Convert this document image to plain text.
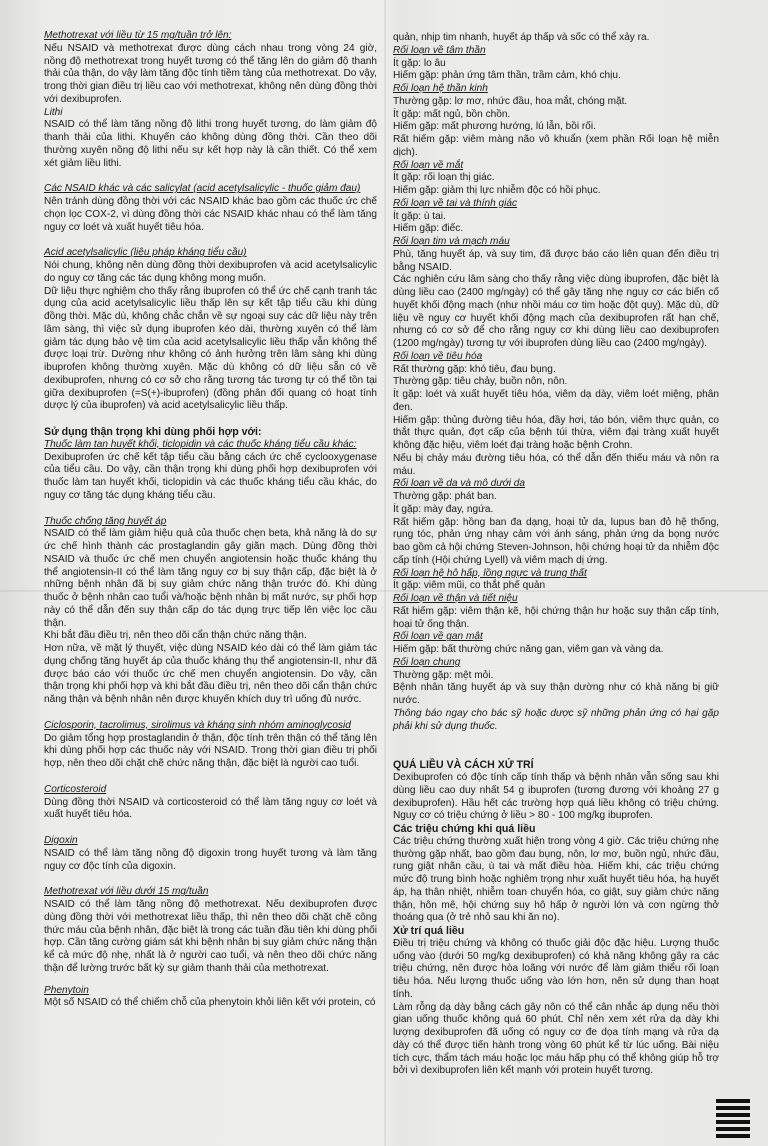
Methotrexat với liều từ 15 mg/tuần trở lên:

Nếu NSAID và methotrexat được dùng cách nhau trong vòng 24 giờ, nồng độ methotrexat trong huyết tương có thể tăng lên do giảm độ thanh thải của thận, do vậy làm tăng độc tính tiềm tàng của methotrexat. Do vậy, trong thời gian điều trị liều cao với methotrexat, không nên dùng đồng thời với dexibuprofen.

Lithi

NSAID có thể làm tăng nồng độ lithi trong huyết tương, do làm giảm độ thanh thải của lithi. Khuyến cáo không dùng đồng thời. Cần theo dõi thường xuyên nồng độ lithi nếu sự kết hợp này là cần thiết. Có thể xem xét giảm liều lithi.

Các NSAID khác và các salicylat (acid acetylsalicylic - thuốc giảm đau)

Nên tránh dùng đồng thời với các NSAID khác bao gồm các thuốc ức chế chọn lọc COX-2, vì dùng đồng thời các NSAID khác nhau có thể làm tăng nguy cơ loét và xuất huyết tiêu hóa.

Acid acetylsalicylic (liệu pháp kháng tiểu cầu)

Nói chung, không nên dùng đồng thời dexibuprofen và acid acetylsalicylic do nguy cơ tăng các tác dụng không mong muốn.

Dữ liệu thực nghiệm cho thấy rằng ibuprofen có thể ức chế cạnh tranh tác dụng của acid acetylsalicylic liều thấp lên sự kết tập tiểu cầu khi dùng đồng thời. Mặc dù, không chắc chắn về sự ngoại suy các dữ liệu này trên lâm sàng, thì việc sử dụng ibuprofen kéo dài, thường xuyên có thể làm giảm tác dụng bảo vệ tim của acid acetylsalicylic liều thấp vẫn không thể được loại trừ. Dường như không có ảnh hưởng trên lâm sàng khi dùng ibuprofen không thường xuyên. Mặc dù không có dữ liệu sẵn có về dexibuprofen, nhưng có cơ sở cho rằng tương tác tương tự có thể tồn tại giữa dexibuprofen (=S(+)-ibuprofen) (đồng phân đối quang có hoạt tính dược lý của ibuprofen) và acid acetylsalicylic liều thấp.

Sử dụng thận trọng khi dùng phối hợp với:

Thuốc làm tan huyết khối, ticlopidin và các thuốc kháng tiểu cầu khác:

Dexibuprofen ức chế kết tập tiểu cầu bằng cách ức chế cyclooxygenase của tiểu cầu. Do vậy, cần thận trọng khi dùng phối hợp dexibuprofen với thuốc làm tan huyết khối, ticlopidin và các thuốc kháng tiểu cầu khác, do nguy cơ tăng tác dụng kháng tiểu cầu.

Thuốc chống tăng huyết áp

NSAID có thể làm giảm hiệu quả của thuốc chẹn beta, khả năng là do sự ức chế hình thành các prostaglandin gây giãn mạch. Dùng đồng thời NSAID và thuốc ức chế men chuyển angiotensin hoặc thuốc kháng thụ thể angiotensin-II có thể làm tăng nguy cơ bị suy thận cấp, đặc biệt là ở những bệnh nhân đã bị suy giảm chức năng thận trước đó. Khi dùng thuốc ở bệnh nhân cao tuổi và/hoặc bệnh nhân bị mất nước, sự phối hợp này có thể dẫn đến suy thận cấp do tác dụng trực tiếp lên việc lọc cầu thận.

Khi bắt đầu điều trị, nên theo dõi cẩn thận chức năng thận.

Hơn nữa, về mặt lý thuyết, việc dùng NSAID kéo dài có thể làm giảm tác dụng chống tăng huyết áp của thuốc kháng thụ thể angiotensin-II, như đã được báo cáo với thuốc ức chế men chuyển angiotensin. Do vậy, cần thận trọng khi phối hợp và khi bắt đầu điều trị, nên theo dõi cẩn thận chức năng thận và bệnh nhân nên được khuyến khích duy trì uống đủ nước.

Ciclosporin, tacrolimus, sirolimus và kháng sinh nhóm aminoglycosid

Do giảm tổng hợp prostaglandin ở thận, độc tính trên thận có thể tăng lên khi dùng phối hợp các thuốc này với NSAID. Trong thời gian điều trị phối hợp, nên theo dõi chặt chẽ chức năng thận, đặc biệt là người cao tuổi.

Corticosteroid

Dùng đồng thời NSAID và corticosteroid có thể làm tăng nguy cơ loét và xuất huyết tiêu hóa.

Digoxin

NSAID có thể làm tăng nồng độ digoxin trong huyết tương và làm tăng nguy cơ độc tính của digoxin.

Methotrexat với liều dưới 15 mg/tuần

NSAID có thể làm tăng nồng độ methotrexat. Nếu dexibuprofen được dùng đồng thời với methotrexat liều thấp, thì nên theo dõi chặt chẽ công thức máu của bệnh nhân, đặc biệt là trong các tuần đầu tiên khi dùng phối hợp. Cần tăng cường giám sát khi bệnh nhân bị suy giảm chức năng thận kể cả mức độ nhẹ, nhất là ở người cao tuổi, và nên theo dõi chức năng thận để lường trước bất kỳ sự giảm thanh thải của methotrexat.

Phenytoin

Một số NSAID có thể chiếm chỗ của phenytoin khỏi liên kết với protein, có

quản, nhịp tim nhanh, huyết áp thấp và sốc có thể xảy ra.

Rối loạn về tâm thần

Ít gặp: lo âu

Hiếm gặp: phản ứng tâm thần, trầm cảm, khó chịu.

Rối loạn hệ thần kinh

Thường gặp: lơ mơ, nhức đầu, hoa mắt, chóng mặt.

Ít gặp: mất ngủ, bồn chồn.

Hiếm gặp: mất phương hướng, lú lẫn, bồi rối.

Rất hiếm gặp: viêm màng não vô khuẩn (xem phần Rối loạn hệ miễn dịch).

Rối loạn về mắt

Ít gặp: rối loạn thị giác.

Hiếm gặp: giảm thị lực nhiễm độc có hồi phục.

Rối loạn về tai và thính giác

Ít gặp: ù tai.

Hiếm gặp: điếc.

Rối loạn tim và mạch máu

Phù, tăng huyết áp, và suy tim, đã được báo cáo liên quan đến điều trị bằng NSAID.

Các nghiên cứu lâm sàng cho thấy rằng việc dùng ibuprofen, đặc biệt là dùng liều cao (2400 mg/ngày) có thể gây tăng nhẹ nguy cơ các biến cố huyết khối động mạch (như nhồi máu cơ tim hoặc đột quỵ). Mặc dù, dữ liệu về nguy cơ huyết khối động mạch của dexibuprofen rất hạn chế, nhưng có cơ sở để cho rằng nguy cơ khi dùng liều cao dexibuprofen (1200 mg/ngày) tương tự với ibuprofen dùng liều cao (2400 mg/ngày).

Rối loạn về tiêu hóa

Rất thường gặp: khó tiêu, đau bụng.

Thường gặp: tiêu chảy, buồn nôn, nôn.

Ít gặp: loét và xuất huyết tiêu hóa, viêm dạ dày, viêm loét miệng, phân đen.

Hiếm gặp: thủng đường tiêu hóa, đầy hơi, táo bón, viêm thực quản, co thắt thực quản, đợt cấp của bệnh túi thừa, viêm đại tràng xuất huyết không đặc hiệu, viêm loét đại tràng hoặc bệnh Crohn.

Nếu bị chảy máu đường tiêu hóa, có thể dẫn đến thiếu máu và nôn ra máu.

Rối loạn về da và mô dưới da

Thường gặp: phát ban.

Ít gặp: mày đay, ngứa.

Rất hiếm gặp: hồng ban đa dạng, hoại tử da, lupus ban đỏ hệ thống, rụng tóc, phản ứng nhạy cảm với ánh sáng, phản ứng da bọng nước bao gồm cả hội chứng Steven-Johnson, hội chứng hoại tử da nhiễm độc cấp tính (Hội chứng Lyell) và viêm mạch dị ứng.

Rối loạn hệ hô hấp, lồng ngực và trung thất

Ít gặp: viêm mũi, co thắt phế quản

Rối loạn về thận và tiết niệu

Rất hiếm gặp: viêm thận kẽ, hội chứng thận hư hoặc suy thận cấp tính, hoại tử ống thận.

Rối loạn về gan mật

Hiếm gặp: bất thường chức năng gan, viêm gan và vàng da.

Rối loạn chung

Thường gặp: mệt mỏi.

Bệnh nhân tăng huyết áp và suy thận dường như có khả năng bị giữ nước.

Thông báo ngay cho bác sỹ hoặc dược sỹ những phản ứng có hại gặp phải khi sử dụng thuốc.

QUÁ LIỀU VÀ CÁCH XỬ TRÍ

Dexibuprofen có độc tính cấp tính thấp và bệnh nhân vẫn sống sau khi dùng liều cao duy nhất 54 g ibuprofen (tương đương với khoảng 27 g dexibuprofen). Hầu hết các trường hợp quá liều không có triệu chứng. Nguy cơ có triệu chứng ở liều > 80 - 100 mg/kg ibuprofen.

Các triệu chứng khi quá liều

Các triệu chứng thường xuất hiện trong vòng 4 giờ. Các triệu chứng nhẹ thường gặp nhất, bao gồm đau bụng, nôn, lơ mơ, buồn ngủ, nhức đầu, rung giật nhãn cầu, ù tai và mất điều hòa. Hiếm khi, các triệu chứng mức độ trung bình hoặc nghiêm trọng như xuất huyết tiêu hóa, hạ huyết áp, hạ thân nhiệt, nhiễm toan chuyển hóa, co giật, suy giảm chức năng thận, hôn mê, hội chứng suy hô hấp ở người lớn và cơn ngừng thở thoáng qua (ở trẻ nhỏ sau khi ăn no).

Xử trí quá liều

Điều trị triệu chứng và không có thuốc giải độc đặc hiệu. Lượng thuốc uống vào (dưới 50 mg/kg dexibuprofen) có khả năng không gây ra các triệu chứng, nên được hòa loãng với nước để làm giảm thiểu rối loạn tiêu hóa. Nếu lượng thuốc uống vào lớn hơn, nên sử dụng than hoạt tính.

Làm rỗng dạ dày bằng cách gây nôn có thể cân nhắc áp dụng nếu thời gian uống thuốc không quá 60 phút. Chỉ nên xem xét rửa dạ dày khi lượng dexibuprofen đã uống có nguy cơ đe dọa tính mạng và rửa dạ dày có thể được tiến hành trong vòng 60 phút kể từ lúc uống. Bài niệu tích cực, thẩm tách máu hoặc lọc máu hấp phụ có thể không giúp hỗ trợ bởi vì dexibuprofen liên kết mạnh với protein huyết tương.
